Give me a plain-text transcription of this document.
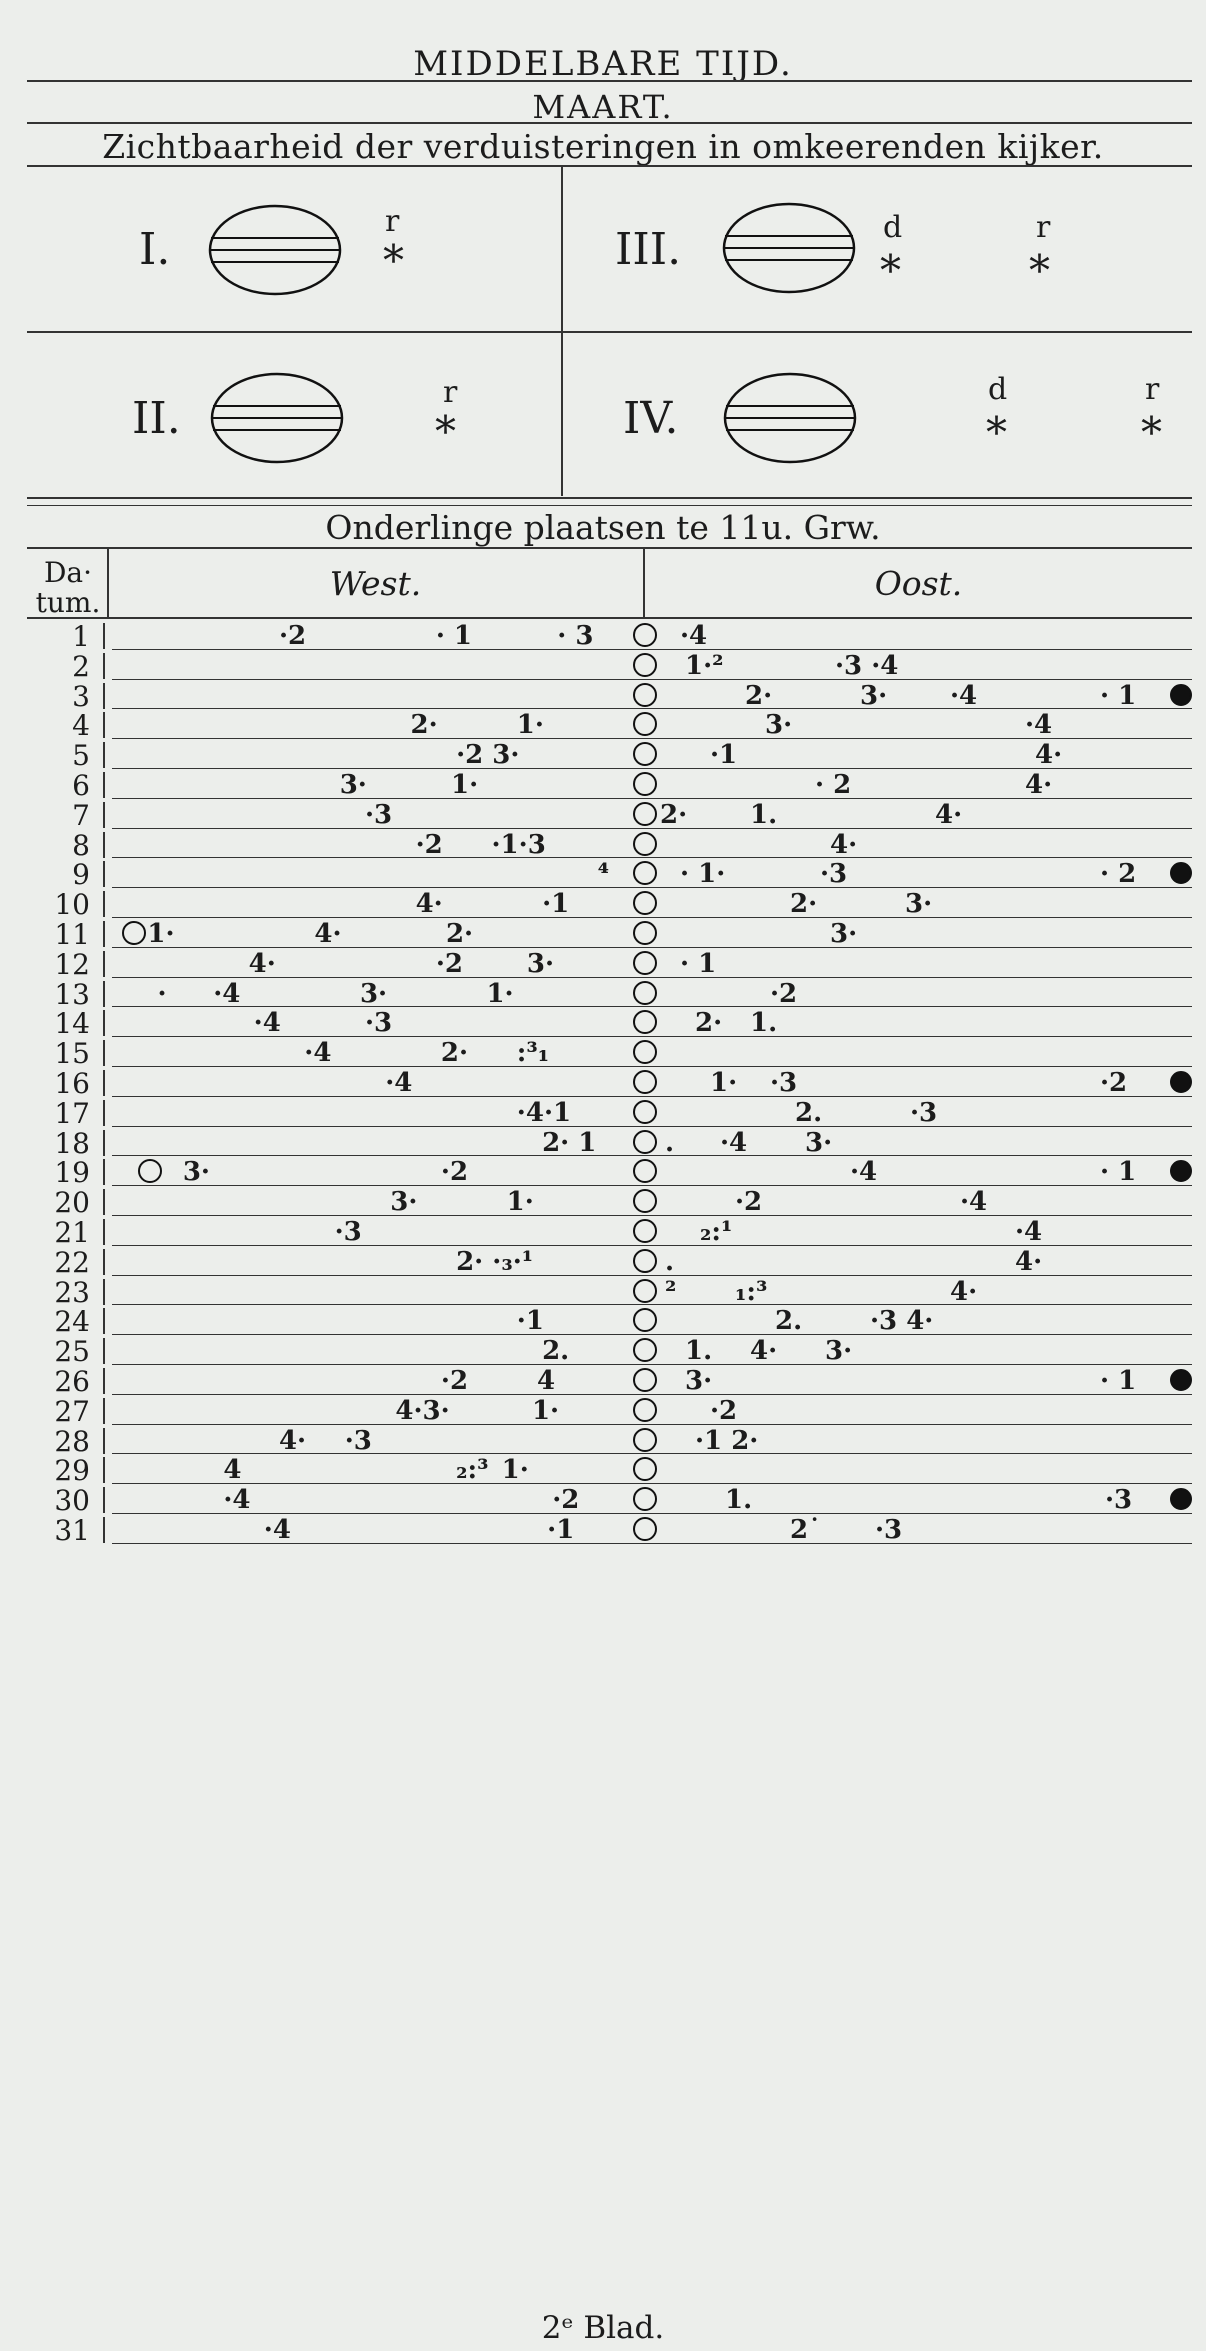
MIDDELBARE TIJD.
MAART.
Zichtbaarheid der verduisteringen in omkeerenden kijker.
I.
r
*	III.	d	r
*	*
II.
r
*	IV.
d	r
*	*
Onderlinge plaatsen te 11u. Grw.
Da·
tum.	West.	Oost.
1	·2	· 1	· 3	·4
2	1·²	·3 ·4
3	2·	3· ·4	· 1
4	2·	1·	3·	·4
5	·2 3·	·1	4·
6	3·	1·	· 2	4·
7	·3	2· 1.	4·
8	·2 ·1·3	4·
9	⁴	· 1·	·3	· 2
10	4·	·1	2·	3·
11 1·	4·	2·	3·
12	4·	·2 3·	· 1
13	· ·4	3·	1·	·2
14	·4	·3	2· 1.
15	·4	2· :³₁
16	·4	1· ·3	·2
17	·4·1	2.	·3
18	2· 1	. ·4 3·
19	3·	·2	·4	· 1
20	3·	1·	·2	·4
21	·3	₂:¹	·4
22	2· ·₃·¹	.	4·
23	² ₁:³	4·
24	·1	2.	·3 4·
25	2.	1. 4· 3·
26	·2	4	3·	· 1
27	4·3·	1·	·2
28	4· ·3	·1 2·
29	4	₂:³ 1·
30	·4	·2	1.	·3
31	·4	·1	2˙ ·3
2ᵉ Blad.
